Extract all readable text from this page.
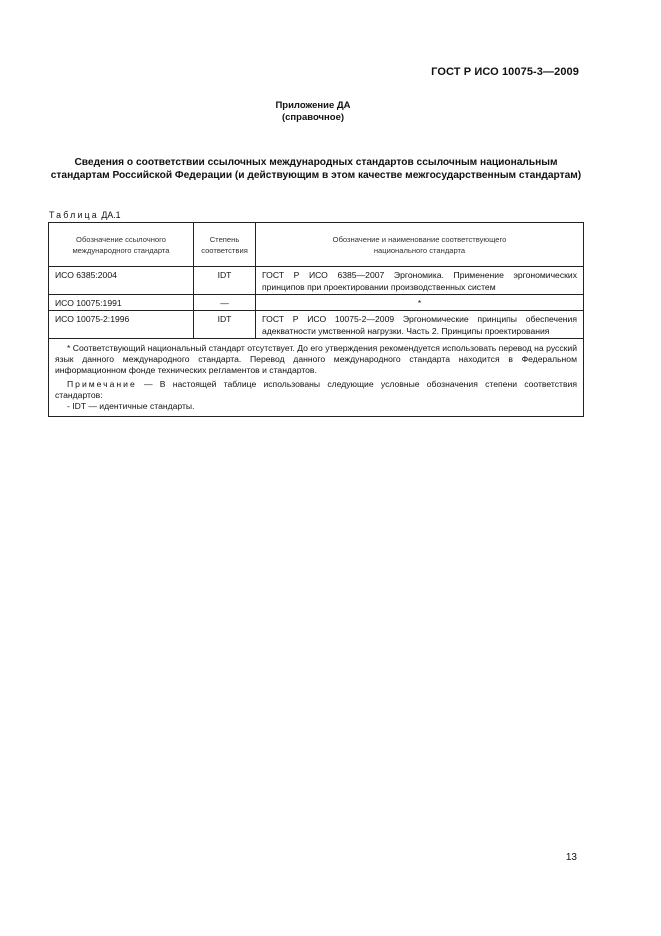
ГОСТ Р ИСО 10075-3—2009
Приложение ДА
(справочное)
Сведения о соответствии ссылочных международных стандартов ссылочным национальным стандартам Российской Федерации (и действующим в этом качестве межгосударственным стандартам)
Таблица ДА.1
Обозначение ссылочного международного стандарта	Степень соответствия	Обозначение и наименование соответствующего национального стандарта

ИСО 6385:2004	IDT	ГОСТ Р ИСО 6385—2007 Эргономика. Применение эргономических принципов при проектировании производственных систем

ИСО 10075:1991	—	*

ИСО 10075-2:1996	IDT	ГОСТ Р ИСО 10075-2—2009 Эргономические принципы обеспечения адекватности умственной нагрузки. Часть 2. Принципы проектирования

* Соответствующий национальный стандарт отсутствует. До его утверждения рекомендуется использовать перевод на русский язык данного международного стандарта. Перевод данного международного стандарта находится в Федеральном информационном фонде технических регламентов и стандартов.

Примечание — В настоящей таблице использованы следующие условные обозначения степени соответствия стандартов:

- IDT — идентичные стандарты.		

13
